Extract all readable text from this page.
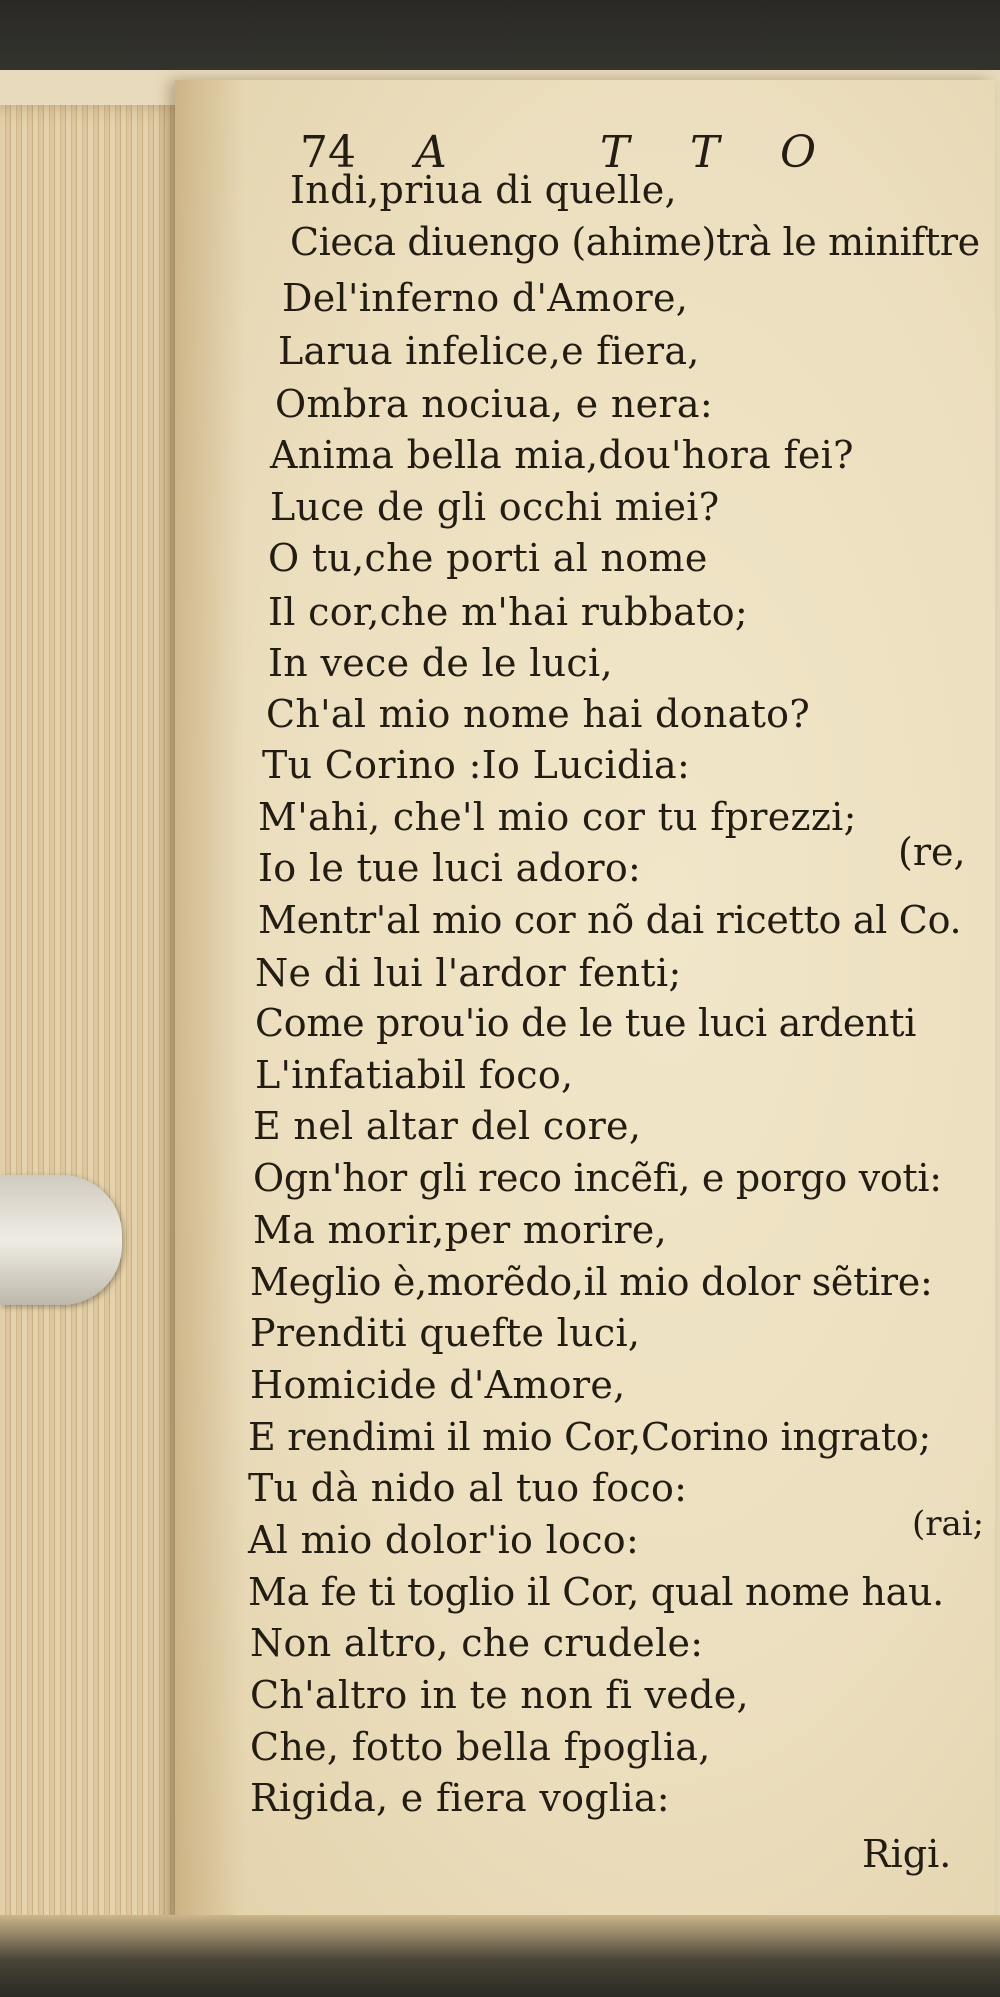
74 A	T T O
Indi,priua di quelle,
Cieca diuengo (ahime)trà le miniftre
Del'inferno d'Amore,
Larua infelice,e fiera,
Ombra nociua, e nera:
Anima bella mia,dou'hora fei?
Luce de gli occhi miei?
O tu,che porti al nome
Il cor,che m'hai rubbato;
In vece de le luci,
Ch'al mio nome hai donato?
Tu Corino :Io Lucidia:
M'ahi, che'l mio cor tu fprezzi;
Io le tue luci adoro:
Mentr'al mio cor nõ dai ricetto al Co.
Ne di lui l'ardor fenti;
Come prou'io de le tue luci ardenti
L'infatiabil foco,
E nel altar del core,
Ogn'hor gli reco incẽfi, e porgo voti:
Ma morir,per morire,
Meglio è,morẽdo,il mio dolor sẽtire:
Prenditi quefte luci,
Homicide d'Amore,
E rendimi il mio Cor,Corino ingrato;
Tu dà nido al tuo foco:
Al mio dolor'io loco:
Ma fe ti toglio il Cor, qual nome hau.
Non altro, che crudele:
Ch'altro in te non fi vede,
Che, fotto bella fpoglia,
Rigida, e fiera voglia:
(re,
(rai;
Rigi.
